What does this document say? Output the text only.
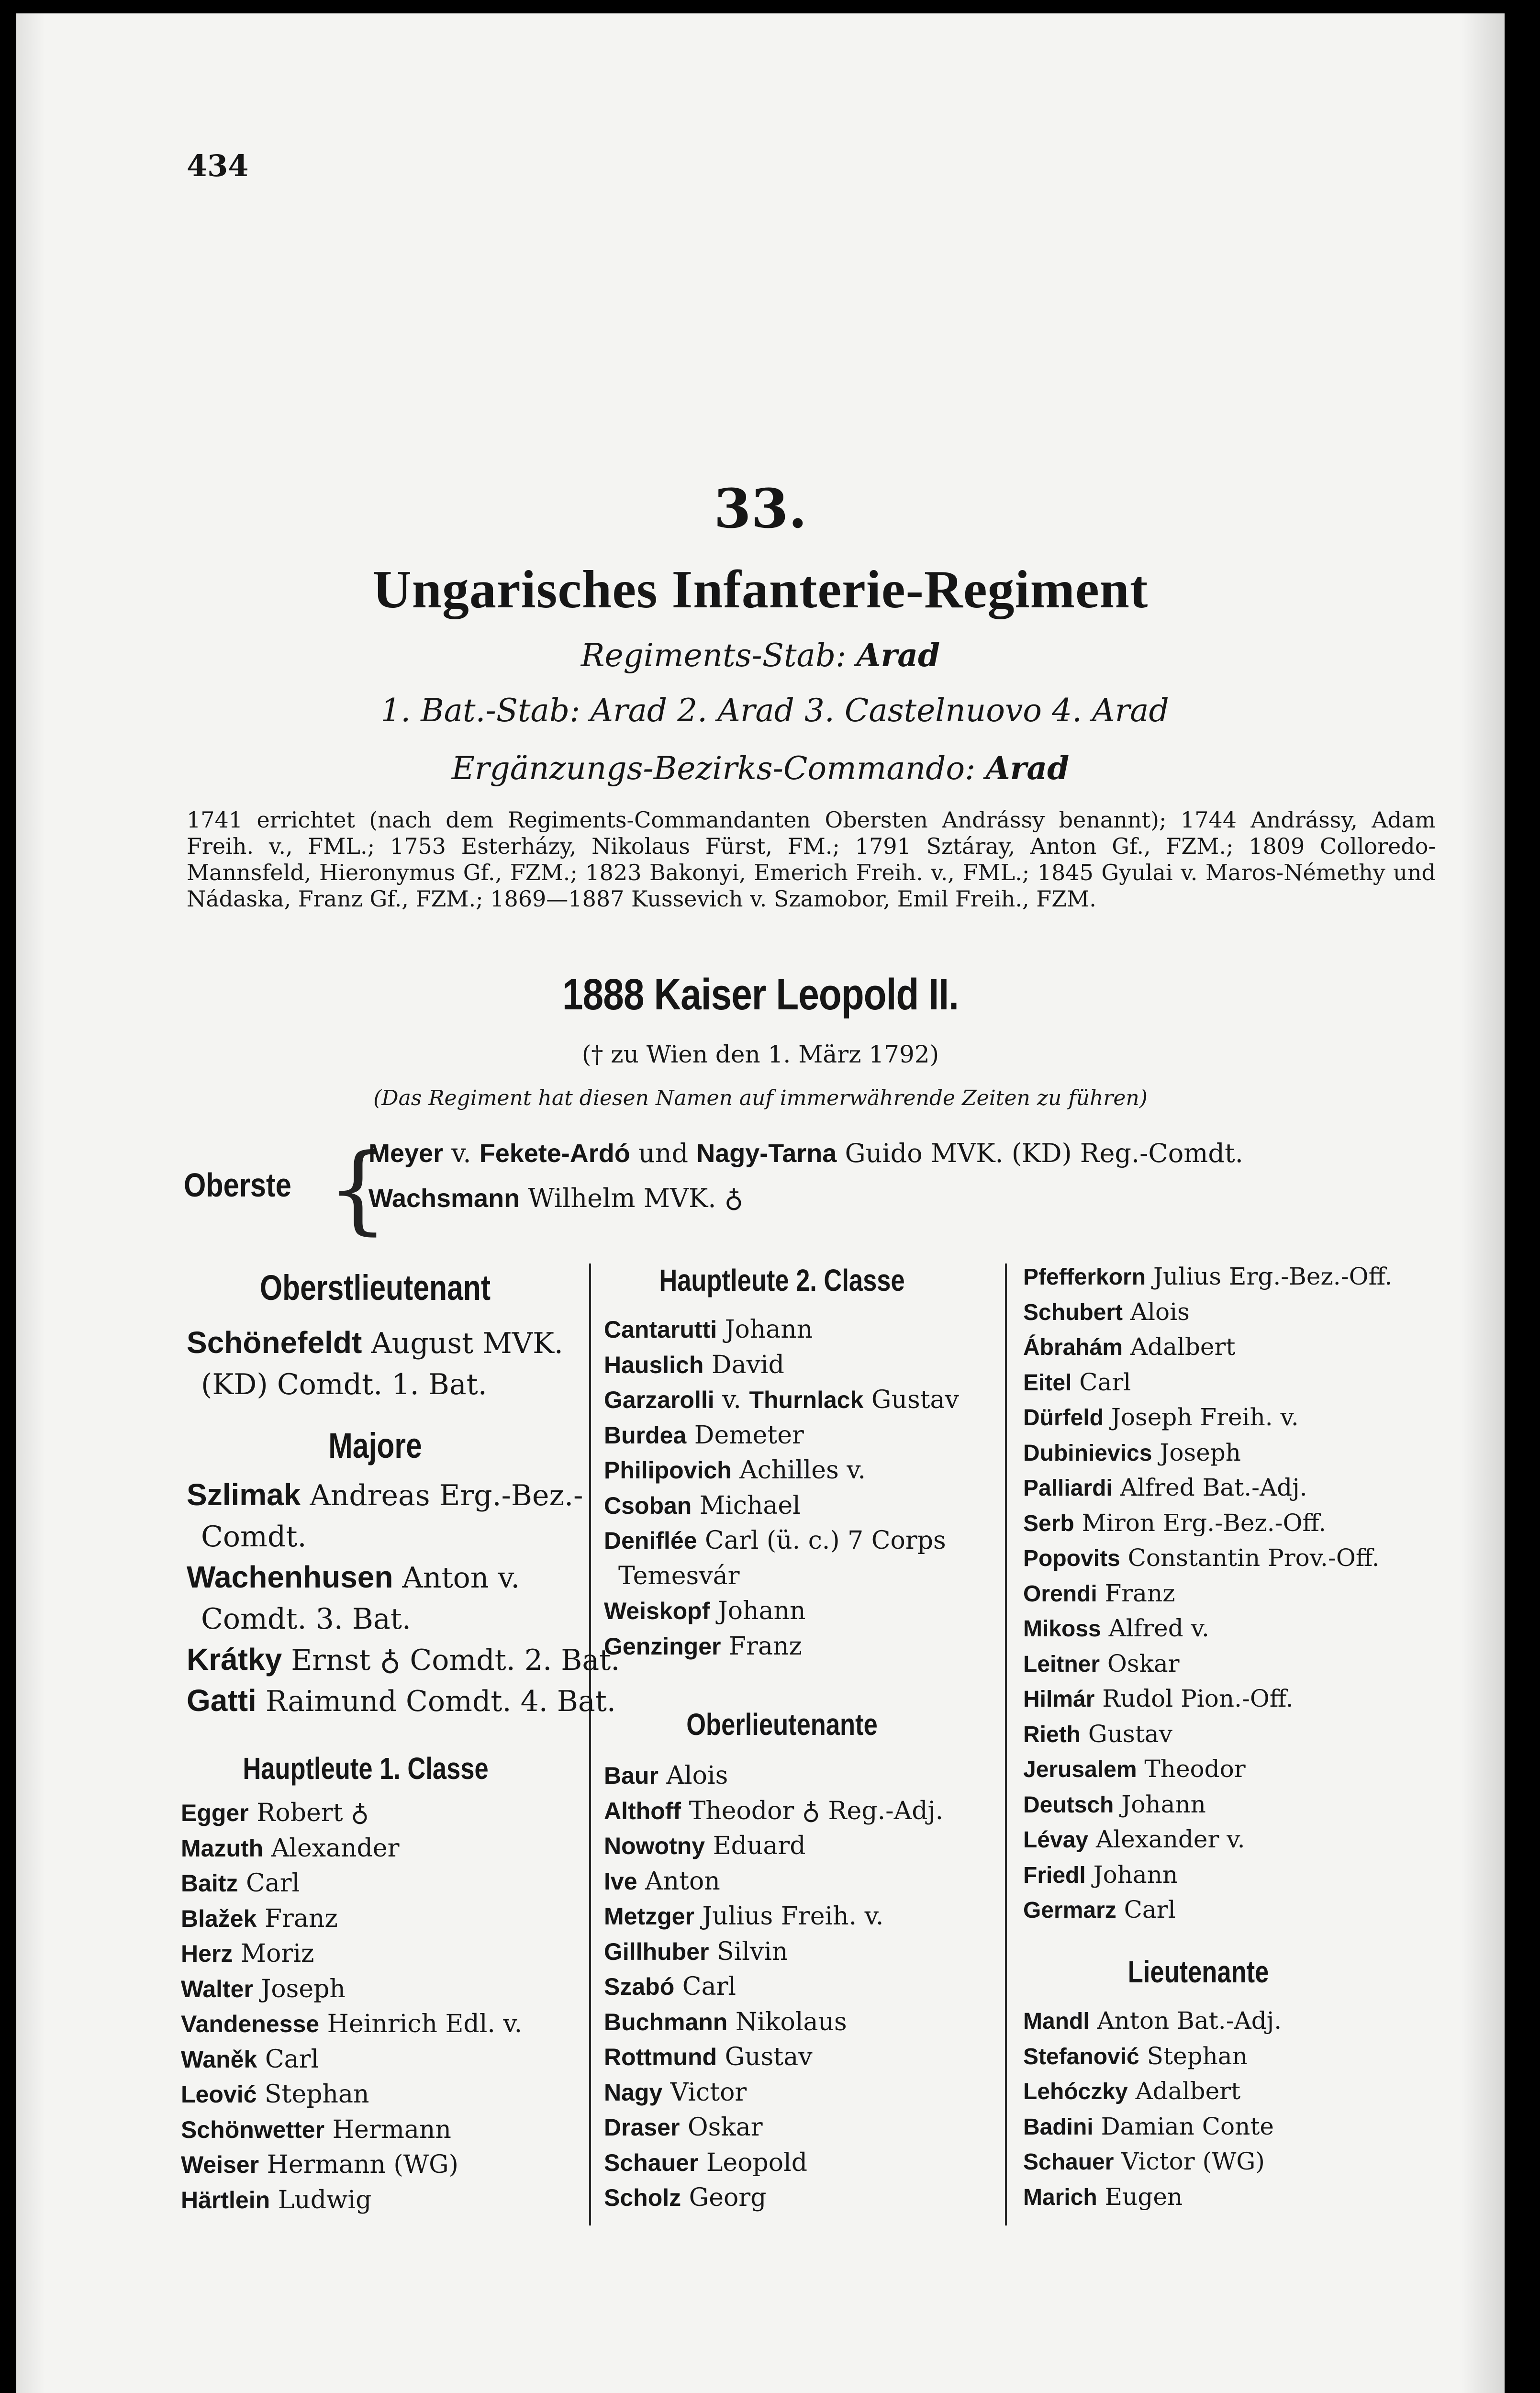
434
33.
Ungarisches Infanterie-Regiment
Regiments-Stab: Arad
1. Bat.-Stab: Arad 2. Arad 3. Castelnuovo 4. Arad
Ergänzungs-Bezirks-Commando: Arad
1741 errichtet (nach dem Regiments-Commandanten Obersten Andrássy benannt); 1744 Andrássy, Adam Freih. v., FML.; 1753 Esterházy, Nikolaus Fürst, FM.; 1791 Sztáray, Anton Gf., FZM.; 1809 Colloredo-Mannsfeld, Hieronymus Gf., FZM.; 1823 Bakonyi, Emerich Freih. v., FML.; 1845 Gyulai v. Maros-Némethy und Nádaska, Franz Gf., FZM.; 1869—1887 Kussevich v. Szamobor, Emil Freih., FZM.
1888 Kaiser Leopold II.
(† zu Wien den 1. März 1792)
(Das Regiment hat diesen Namen auf immerwährende Zeiten zu führen)
Oberste {
Meyer v. Fekete-Ardó und Nagy-Tarna Guido MVK. (KD) Reg.-Comdt.
Wachsmann Wilhelm MVK. ♁
Oberstlieutenant
Schönefeldt August MVK.
(KD) Comdt. 1. Bat.
Majore
Szlimak Andreas Erg.-Bez.-
Comdt.
Wachenhusen Anton v.
Comdt. 3. Bat.
Krátky Ernst ♁ Comdt. 2. Bat.
Gatti Raimund Comdt. 4. Bat.
Hauptleute 1. Classe
Egger Robert ♁
Mazuth Alexander
Baitz Carl
Blažek Franz
Herz Moriz
Walter Joseph
Vandenesse Heinrich Edl. v.
Waněk Carl
Leović Stephan
Schönwetter Hermann
Weiser Hermann (WG)
Härtlein Ludwig
Hauptleute 2. Classe
Cantarutti Johann
Hauslich David
Garzarolli v. Thurnlack Gustav
Burdea Demeter
Philipovich Achilles v.
Csoban Michael
Deniflée Carl (ü. c.) 7 Corps
Temesvár
Weiskopf Johann
Genzinger Franz
Oberlieutenante
Baur Alois
Althoff Theodor ♁ Reg.-Adj.
Nowotny Eduard
Ive Anton
Metzger Julius Freih. v.
Gillhuber Silvin
Szabó Carl
Buchmann Nikolaus
Rottmund Gustav
Nagy Victor
Draser Oskar
Schauer Leopold
Scholz Georg
Pfefferkorn Julius Erg.-Bez.-Off.
Schubert Alois
Ábrahám Adalbert
Eitel Carl
Dürfeld Joseph Freih. v.
Dubinievics Joseph
Palliardi Alfred Bat.-Adj.
Serb Miron Erg.-Bez.-Off.
Popovits Constantin Prov.-Off.
Orendi Franz
Mikoss Alfred v.
Leitner Oskar
Hilmár Rudol Pion.-Off.
Rieth Gustav
Jerusalem Theodor
Deutsch Johann
Lévay Alexander v.
Friedl Johann
Germarz Carl
Lieutenante
Mandl Anton Bat.-Adj.
Stefanović Stephan
Lehóczky Adalbert
Badini Damian Conte
Schauer Victor (WG)
Marich Eugen
